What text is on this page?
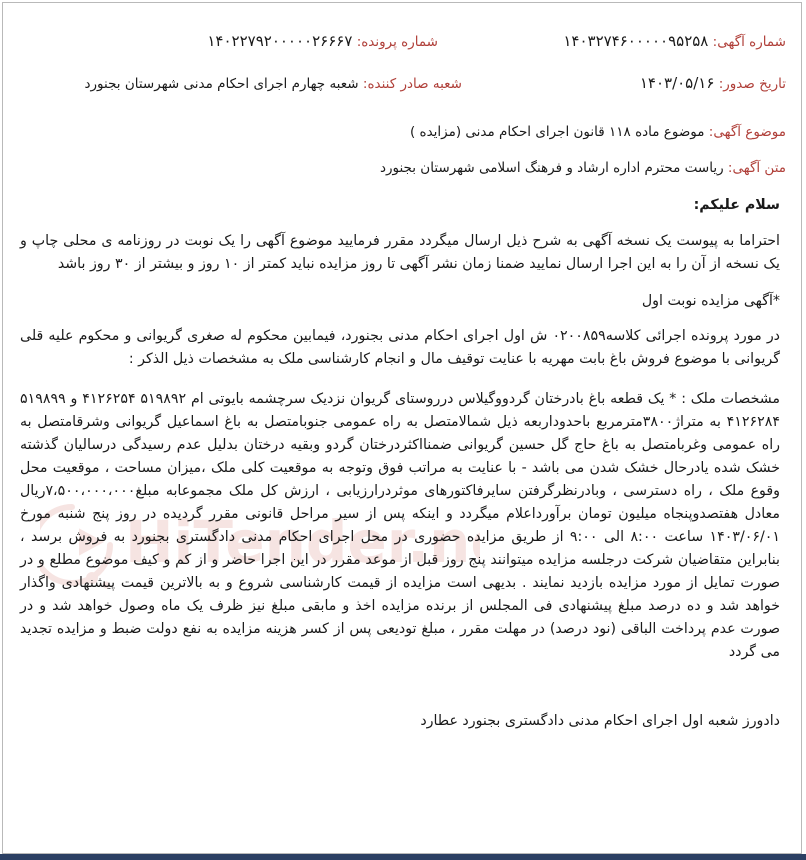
شماره آگهی: ۱۴۰۳۲۷۴۶۰۰۰۰۰۹۵۲۵۸
شماره پرونده: ۱۴۰۲۲۷۹۲۰۰۰۰۰۲۶۶۶۷
تاریخ صدور: ۱۴۰۳/۰۵/۱۶
شعبه صادر کننده: شعبه چهارم اجرای احکام مدنی شهرستان بجنورد
موضوع آگهی: موضوع ماده ۱۱۸ قانون اجرای احکام مدنی (مزایده )
متن آگهی: ریاست محترم اداره ارشاد و فرهنگ اسلامی شهرستان بجنورد
سلام علیکم:
احتراما به پیوست یک نسخه آگهی به شرح ذیل ارسال میگردد مقرر فرمایید موضوع آگهی را یک نوبت در روزنامه ی محلی چاپ و یک نسخه از آن را به این اجرا ارسال نمایید ضمنا زمان نشر آگهی تا روز مزایده نباید کمتر از ۱۰ روز و بیشتر از ۳۰ روز باشد
*آگهی مزایده نوبت اول
در مورد پرونده اجرائی کلاسه۰۲۰۰۸۵۹ ش اول اجرای احکام مدنی بجنورد، فیمابین محکوم له صغری گریوانی و محکوم علیه قلی گریوانی با موضوع فروش باغ بابت مهریه با عنایت توقیف مال و انجام کارشناسی ملک به مشخصات ذیل الذکر :
مشخصات ملک : * یک قطعه باغ بادرختان گردووگیلاس درروستای گریوان نزدیک سرچشمه بایوتی ام ۵۱۹۸۹۲ ۴۱۲۶۲۵۴ و ۵۱۹۸۹۹ ۴۱۲۶۲۸۴ به متراژ۳۸۰۰مترمربع باحدوداربعه ذیل شمالامتصل به راه عمومی جنوبامتصل به باغ اسماعیل گریوانی وشرقامتصل به راه عمومی وغربامتصل به باغ حاج گل حسین گریوانی ضمنااکثردرختان گردو وبقیه درختان بدلیل عدم رسیدگی درسالیان گذشته خشک شده یادرحال خشک شدن می باشد - با عنایت به مراتب فوق وتوجه به موقعیت کلی ملک ،میزان مساحت ، موقعیت محل وقوع ملک ، راه دسترسی ، وبادرنظرگرفتن سایرفاکتورهای موثردرارزیابی ، ارزش کل ملک مجموعابه مبلغ۷،۵۰۰،۰۰۰،۰۰۰ریال معادل هفتصدوپنجاه میلیون تومان برآورداعلام میگردد و اینکه پس از سیر مراحل قانونی مقرر گردیده در روز پنج شنبه مورخ ۱۴۰۳/۰۶/۰۱ ساعت ۸:۰۰ الی ۹:۰۰ از طریق مزایده حضوری در محل اجرای احکام مدنی دادگستری بجنورد به فروش برسد ، بنابراین متقاضیان شرکت درجلسه مزایده میتوانند پنج روز قبل از موعد مقرر در این اجرا حاضر و از کم و کیف موضوع مطلع و در صورت تمایل از مورد مزایده بازدید نمایند . بدیهی است مزایده از قیمت کارشناسی شروع و به بالاترین قیمت پیشنهادی واگذار خواهد شد و ده درصد مبلغ پیشنهادی فی المجلس از برنده مزایده اخذ و مابقی مبلغ نیز ظرف یک ماه وصول خواهد شد و در صورت عدم پرداخت الباقی (نود درصد) در مهلت مقرر ، مبلغ تودیعی پس از کسر هزینه مزایده به نفع دولت ضبط و مزایده تجدید می گردد
دادورز شعبه اول اجرای احکام مدنی دادگستری بجنورد عطارد
